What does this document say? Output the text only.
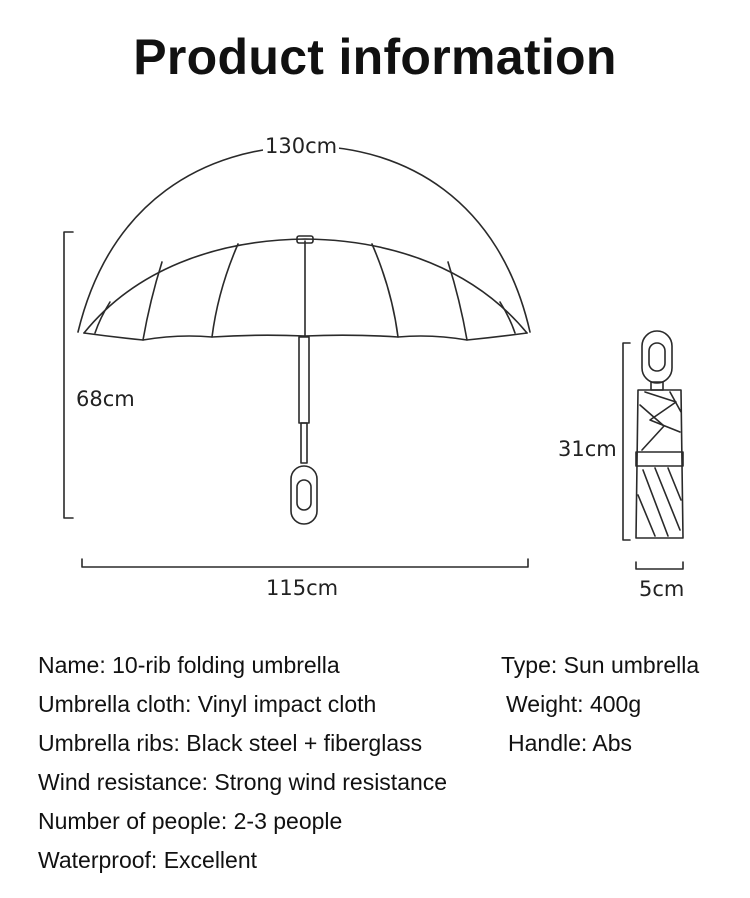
Product information
130cm
68cm
115cm
31cm
5cm
Name: 10-rib folding umbrella	Type: Sun umbrella
Umbrella cloth: Vinyl impact cloth	Weight: 400g
Umbrella ribs: Black steel + fiberglass	Handle: Abs
Wind resistance: Strong wind resistance
Number of people: 2-3 people
Waterproof: Excellent
